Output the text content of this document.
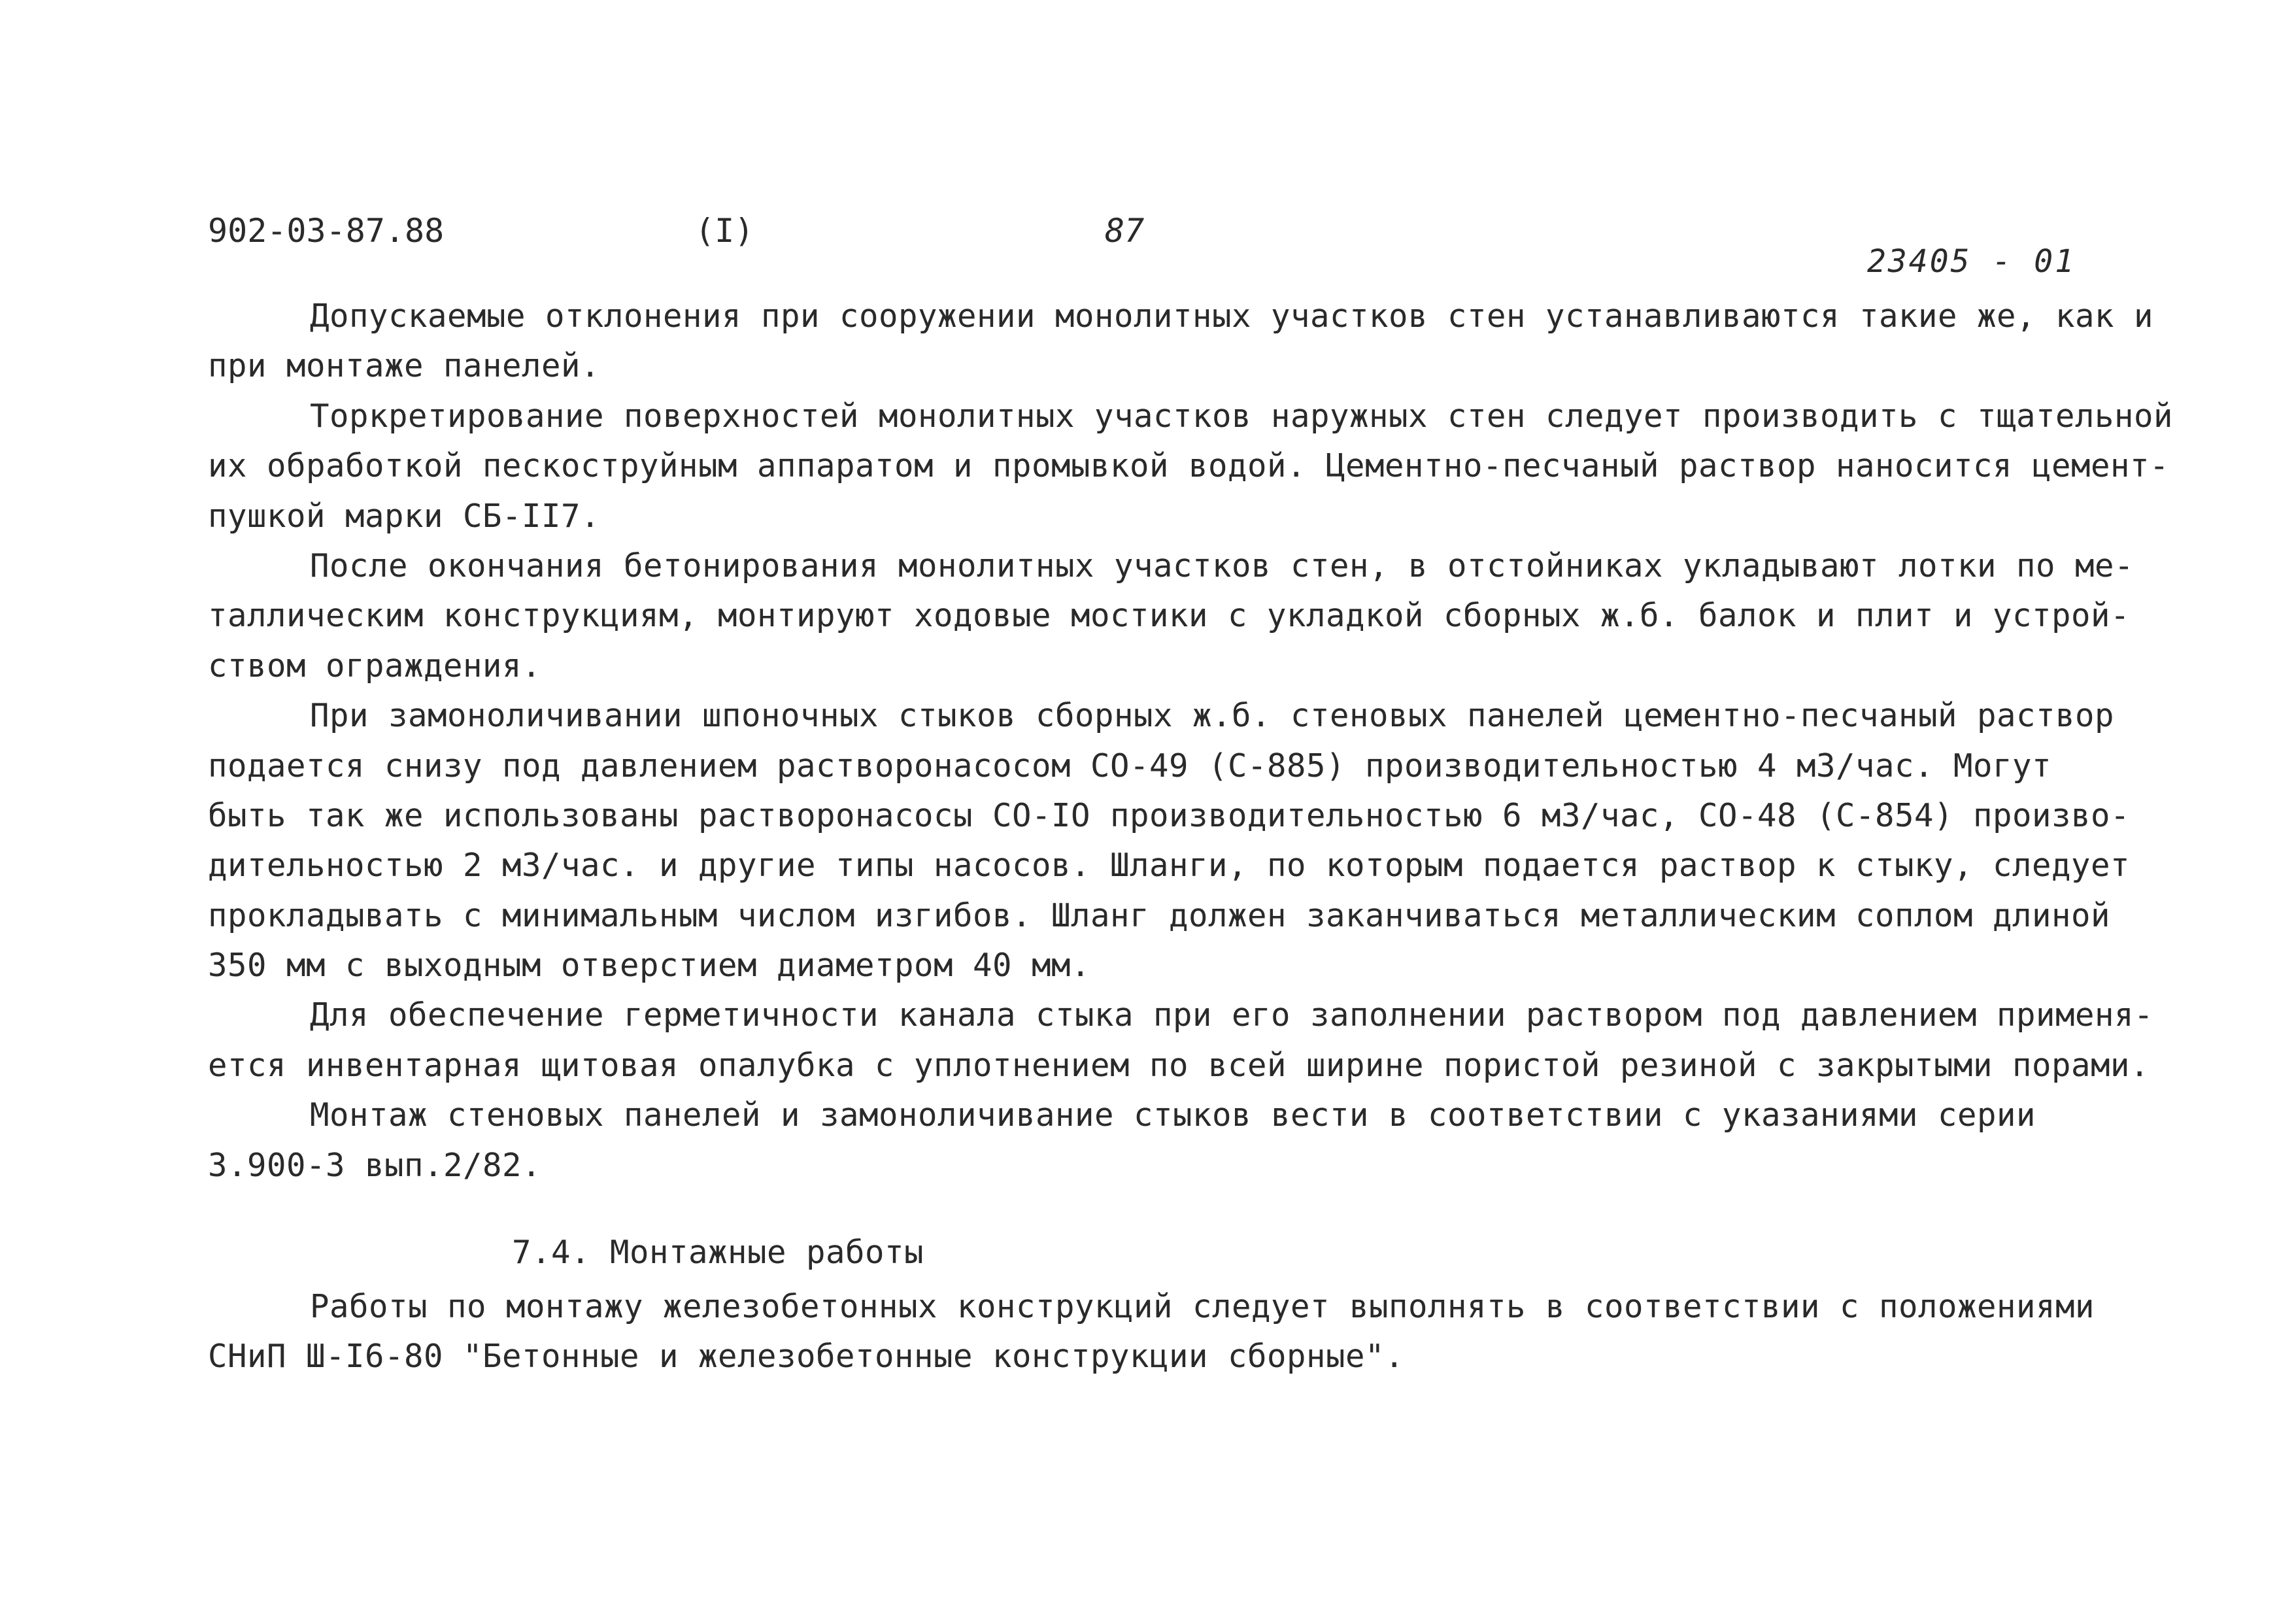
902-03-87.88	(I)	87
23405 - 01
Допускаемые отклонения при сооружении монолитных участков стен устанавливаются такие же, как и
при монтаже панелей.
Торкретирование поверхностей монолитных участков наружных стен следует производить с тщательной
их обработкой пескоструйным аппаратом и промывкой водой. Цементно-песчаный раствор наносится цемент-
пушкой марки СБ-II7.
После окончания бетонирования монолитных участков стен, в отстойниках укладывают лотки по ме-
таллическим конструкциям, монтируют ходовые мостики с укладкой сборных ж.б. балок и плит и устрой-
ством ограждения.
При замоноличивании шпоночных стыков сборных ж.б. стеновых панелей цементно-песчаный раствор
подается снизу под давлением растворонасосом СО-49 (С-885) производительностью 4 м3/час. Могут
быть так же использованы растворонасосы СО-IO производительностью 6 м3/час, СО-48 (С-854) произво-
дительностью 2 м3/час. и другие типы насосов. Шланги, по которым подается раствор к стыку, следует
прокладывать с минимальным числом изгибов. Шланг должен заканчиваться металлическим соплом длиной
350 мм с выходным отверстием диаметром 40 мм.
Для обеспечение герметичности канала стыка при его заполнении раствором под давлением применя-
ется инвентарная щитовая опалубка с уплотнением по всей ширине пористой резиной с закрытыми порами.
Монтаж стеновых панелей и замоноличивание стыков вести в соответствии с указаниями серии
3.900-3 вып.2/82.
7.4. Монтажные работы
Работы по монтажу железобетонных конструкций следует выполнять в соответствии с положениями
СНиП Ш-I6-80 "Бетонные и железобетонные конструкции сборные".
